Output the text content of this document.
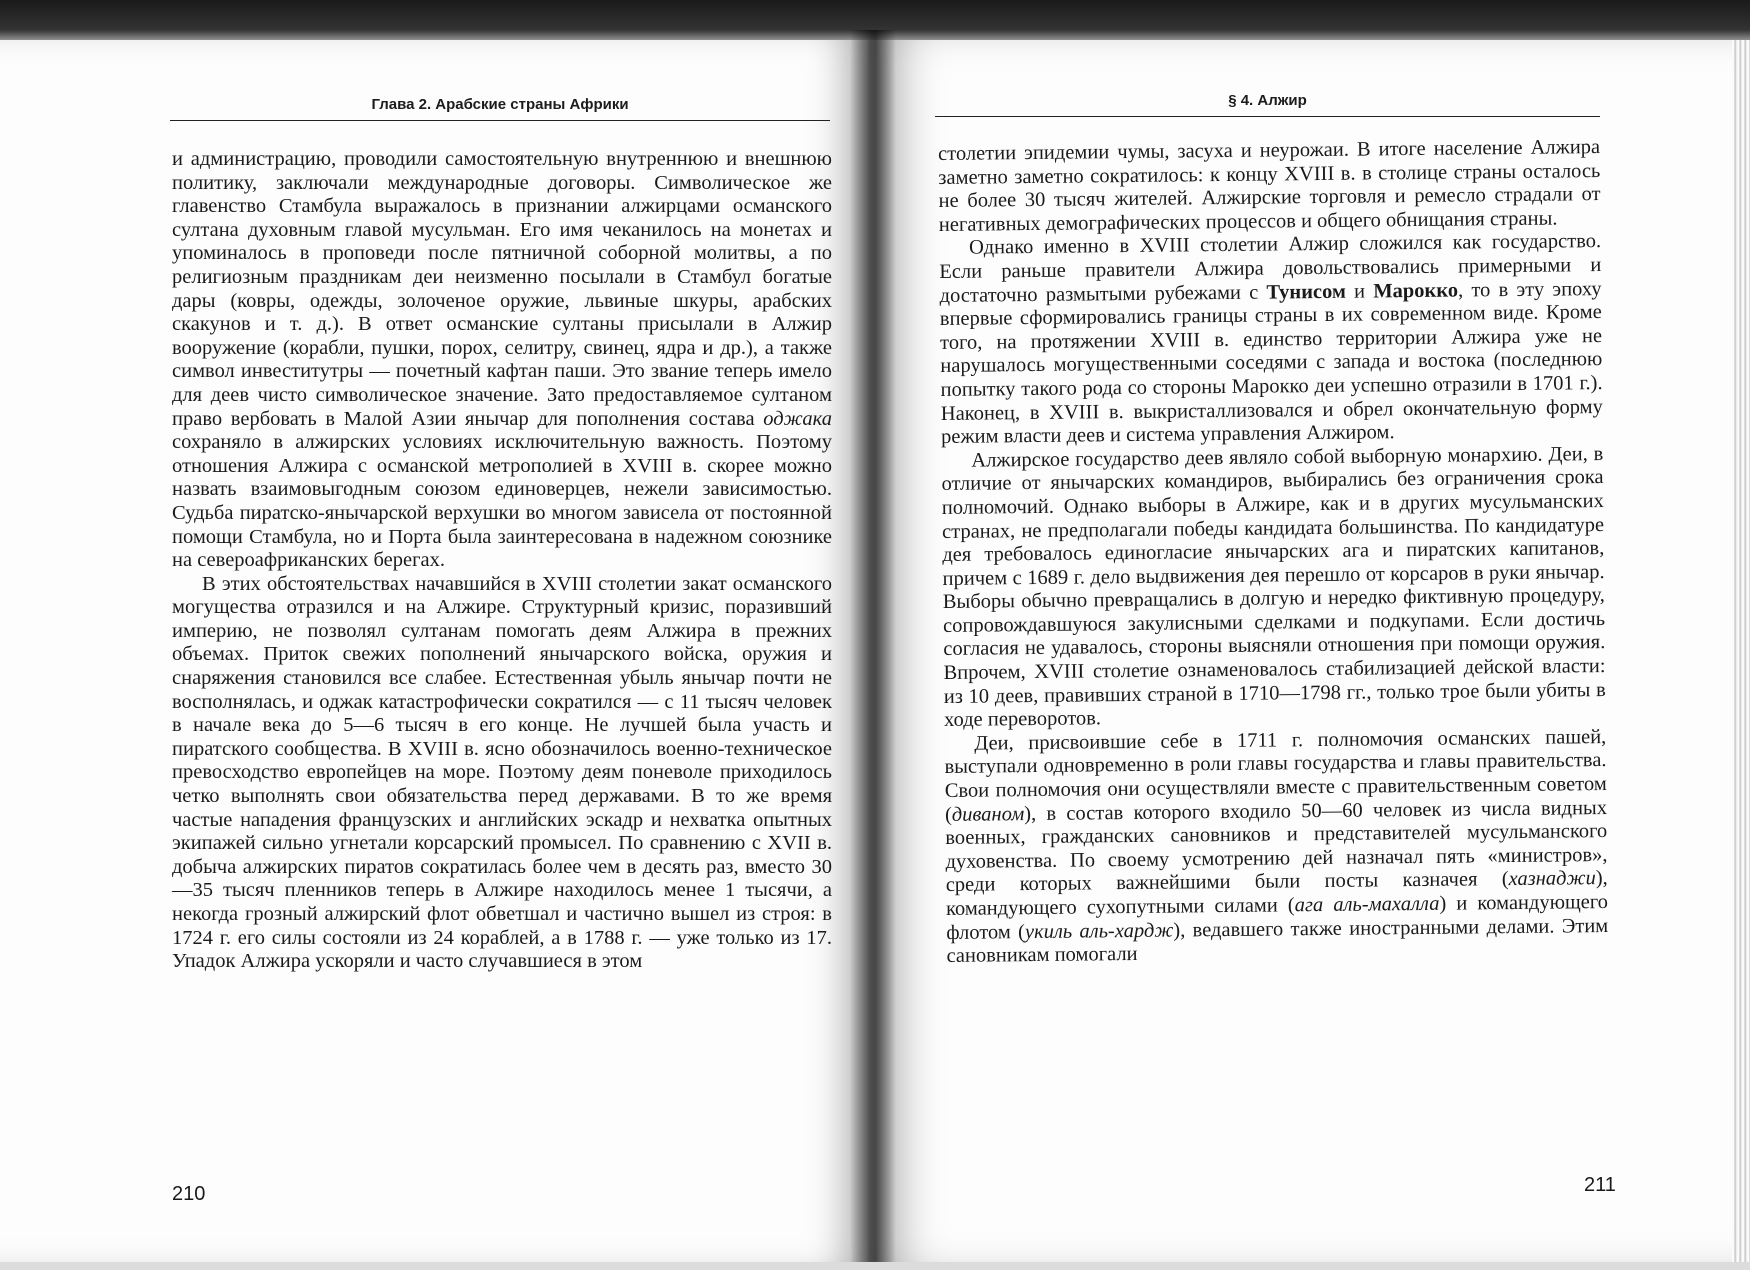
Глава 2. Арабские страны Африки	§ 4. Алжир

и администрацию, проводили самостоятельную внутреннюю и внешнюю политику, заключали международные договоры. Символическое же главенство Стамбула выражалось в признании алжирцами османского султана духовным главой мусульман. Его имя чеканилось на монетах и упоминалось в проповеди после пятничной соборной молитвы, а по религиозным праздникам деи неизменно посылали в Стамбул богатые дары (ковры, одежды, золоченое оружие, львиные шкуры, арабских скакунов и т. д.). В ответ османские султаны присылали в Алжир вооружение (корабли, пушки, порох, селитру, свинец, ядра и др.), а также символ инвеститутры — почетный кафтан паши. Это звание теперь имело для деев чисто символическое значение. Зато предоставляемое султаном право вербовать в Малой Азии янычар для пополнения состава оджака сохраняло в алжирских условиях исключительную важность. Поэтому отношения Алжира с османской метрополией в XVIII в. скорее можно назвать взаимовыгодным союзом единоверцев, нежели зависимостью. Судьба пиратско-янычарской верхушки во многом зависела от постоянной помощи Стамбула, но и Порта была заинтересована в надежном союзнике на североафриканских берегах.

В этих обстоятельствах начавшийся в XVIII столетии закат османского могущества отразился и на Алжире. Структурный кризис, поразивший империю, не позволял султанам помогать деям Алжира в прежних объемах. Приток свежих пополнений янычарского войска, оружия и снаряжения становился все слабее. Естественная убыль янычар почти не восполнялась, и оджак катастрофически сократился — с 11 тысяч человек в начале века до 5—6 тысяч в его конце. Не лучшей была участь и пиратского сообщества. В XVIII в. ясно обозначилось военно-техническое превосходство европейцев на море. Поэтому деям поневоле приходилось четко выполнять свои обязательства перед державами. В то же время частые нападения французских и английских эскадр и нехватка опытных экипажей сильно угнетали корсарский промысел. По сравнению с XVII в. добыча алжирских пиратов сократилась более чем в десять раз, вместо 30—35 тысяч пленников теперь в Алжире находилось менее 1 тысячи, а некогда грозный алжирский флот обветшал и частично вышел из строя: в 1724 г. его силы состояли из 24 кораблей, а в 1788 г. — уже только из 17. Упадок Алжира ускоряли и часто случавшиеся в этом

столетии эпидемии чумы, засуха и неурожаи. В итоге население Алжира заметно заметно сократилось: к концу XVIII в. в столице страны осталось не более 30 тысяч жителей. Алжирские торговля и ремесло страдали от негативных демографических процессов и общего обнищания страны.

Однако именно в XVIII столетии Алжир сложился как государство. Если раньше правители Алжира довольствовались примерными и достаточно размытыми рубежами с Тунисом и Марокко, то в эту эпоху впервые сформировались границы страны в их современном виде. Кроме того, на протяжении XVIII в. единство территории Алжира уже не нарушалось могущественными соседями с запада и востока (последнюю попытку такого рода со стороны Марокко деи успешно отразили в 1701 г.). Наконец, в XVIII в. выкристаллизовался и обрел окончательную форму режим власти деев и система управления Алжиром.

Алжирское государство деев являло собой выборную монархию. Деи, в отличие от янычарских командиров, выбирались без ограничения срока полномочий. Однако выборы в Алжире, как и в других мусульманских странах, не предполагали победы кандидата большинства. По кандидатуре дея требовалось единогласие янычарских ага и пиратских капитанов, причем с 1689 г. дело выдвижения дея перешло от корсаров в руки янычар. Выборы обычно превращались в долгую и нередко фиктивную процедуру, сопровождавшуюся закулисными сделками и подкупами. Если достичь согласия не удавалось, стороны выясняли отношения при помощи оружия. Впрочем, XVIII столетие ознаменовалось стабилизацией дейской власти: из 10 деев, правивших страной в 1710—1798 гг., только трое были убиты в ходе переворотов.

Деи, присвоившие себе в 1711 г. полномочия османских пашей, выступали одновременно в роли главы государства и главы правительства. Свои полномочия они осуществляли вместе с правительственным советом (диваном), в состав которого входило 50—60 человек из числа видных военных, гражданских сановников и представителей мусульманского духовенства. По своему усмотрению дей назначал пять «министров», среди которых важнейшими были посты казначея (хазнаджи), командующего сухопутными силами (ага аль-махалла) и командующего флотом (укиль аль-хардж), ведавшего также иностранными делами. Этим сановникам помогали

210	211
